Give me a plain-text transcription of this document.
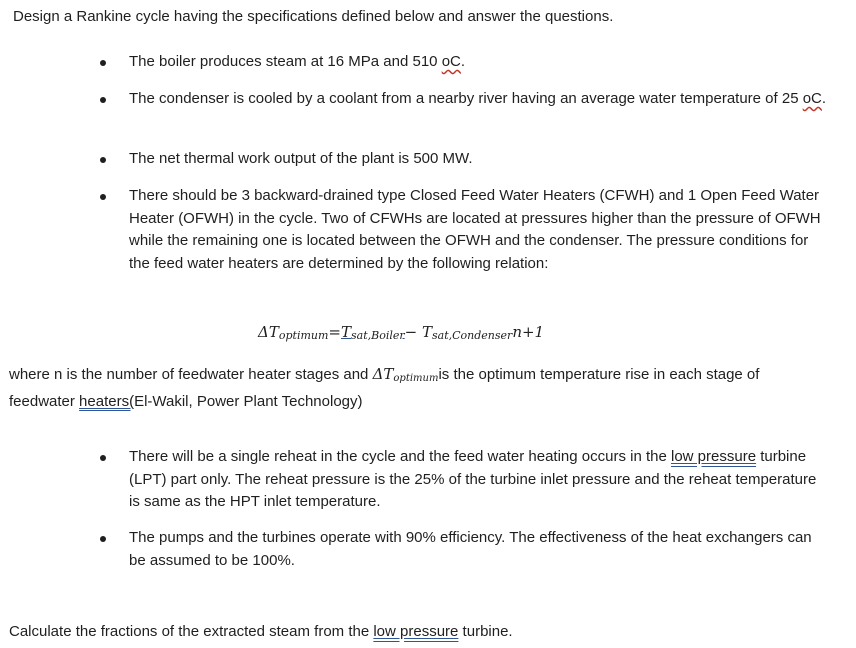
Design a Rankine cycle having the specifications defined below and answer the questions.
The boiler produces steam at 16 MPa and 510 oC.
The condenser is cooled by a coolant from a nearby river having an average water temperature of 25 oC.
The net thermal work output of the plant is 500 MW.
There should be 3 backward-drained type Closed Feed Water Heaters (CFWH) and 1 Open Feed Water Heater (OFWH) in the cycle. Two of CFWHs are located at pressures higher than the pressure of OFWH while the remaining one is located between the OFWH and the condenser. The pressure conditions for the feed water heaters are determined by the following relation:
$\Delta T_{optimum}=T_{sat,Boiler}- T_{sat,Condenser}n+1$
where n is the number of feedwater heater stages and $\Delta T_{optimum}is$ the optimum temperature rise in each stage of feedwater heaters(El-Wakil, Power Plant Technology)
There will be a single reheat in the cycle and the feed water heating occurs in the low pressure turbine (LPT) part only. The reheat pressure is the 25% of the turbine inlet pressure and the reheat temperature is same as the HPT inlet temperature.
The pumps and the turbines operate with 90% efficiency. The effectiveness of the heat exchangers can be assumed to be 100%.
Calculate the fractions of the extracted steam from the low pressure turbine.
